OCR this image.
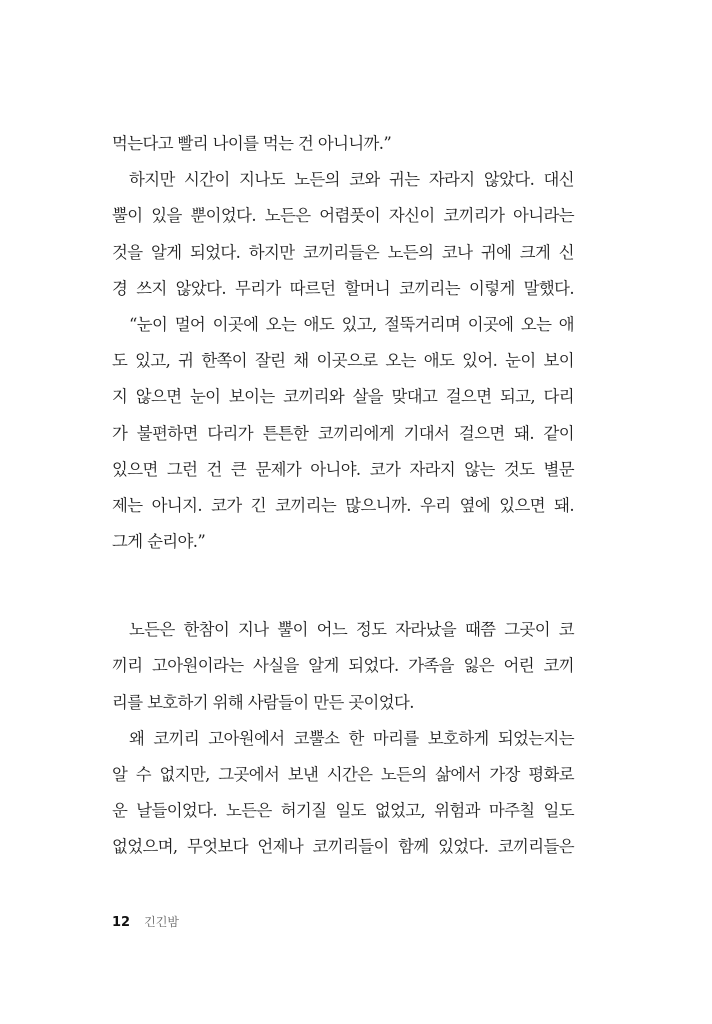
먹는다고 빨리 나이를 먹는 건 아니니까.”
하지만 시간이 지나도 노든의 코와 귀는 자라지 않았다. 대신
뿔이 있을 뿐이었다. 노든은 어렴풋이 자신이 코끼리가 아니라는
것을 알게 되었다. 하지만 코끼리들은 노든의 코나 귀에 크게 신
경 쓰지 않았다. 무리가 따르던 할머니 코끼리는 이렇게 말했다.
“눈이 멀어 이곳에 오는 애도 있고, 절뚝거리며 이곳에 오는 애
도 있고, 귀 한쪽이 잘린 채 이곳으로 오는 애도 있어. 눈이 보이
지 않으면 눈이 보이는 코끼리와 살을 맞대고 걸으면 되고, 다리
가 불편하면 다리가 튼튼한 코끼리에게 기대서 걸으면 돼. 같이
있으면 그런 건 큰 문제가 아니야. 코가 자라지 않는 것도 별문
제는 아니지. 코가 긴 코끼리는 많으니까. 우리 옆에 있으면 돼.
그게 순리야.”
노든은 한참이 지나 뿔이 어느 정도 자라났을 때쯤 그곳이 코
끼리 고아원이라는 사실을 알게 되었다. 가족을 잃은 어린 코끼
리를 보호하기 위해 사람들이 만든 곳이었다.
왜 코끼리 고아원에서 코뿔소 한 마리를 보호하게 되었는지는
알 수 없지만, 그곳에서 보낸 시간은 노든의 삶에서 가장 평화로
운 날들이었다. 노든은 허기질 일도 없었고, 위험과 마주칠 일도
없었으며, 무엇보다 언제나 코끼리들이 함께 있었다. 코끼리들은
12 긴긴밤
